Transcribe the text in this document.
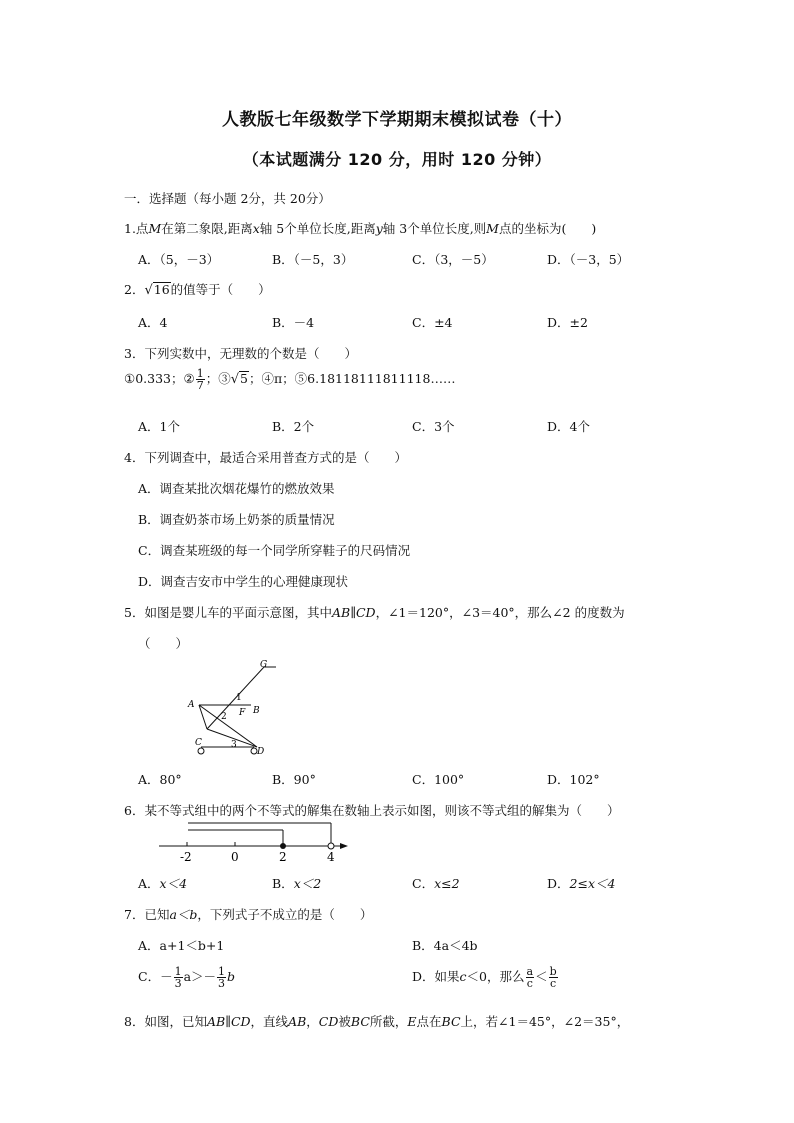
人教版七年级数学下学期期末模拟试卷（十）
（本试题满分 120 分，用时 120 分钟）
一．选择题（每小题 2分，共 20分）
1.点M在第二象限,距离x轴 5个单位长度,距离y轴 3个单位长度,则M点的坐标为(　　)
A．（5，－3）	B．（－5，3）	C．（3，－5）	D．（－3，5）
2．√16的值等于（　　）
A．4	B．－4	C．±4	D．±2
3．下列实数中，无理数的个数是（　　）
①0.333；② $\frac{1}{7}$ ；③√5；④π；⑤6.18118111811118……
A．1个	B．2个	C．3个	D．4个
4．下列调查中，最适合采用普查方式的是（　　）
A．调查某批次烟花爆竹的燃放效果
B．调查奶茶市场上奶茶的质量情况
C．调查某班级的每一个同学所穿鞋子的尺码情况
D．调查吉安市中学生的心理健康现状
5．如图是婴儿车的平面示意图，其中AB∥CD，∠1＝120°，∠3＝40°，那么∠2 的度数为
（　　）
G
A
B
F
C
D
1
2
3
A．80°	B．90°	C．100°	D．102°
6．某不等式组中的两个不等式的解集在数轴上表示如图，则该不等式组的解集为（　　）
-2	0	2	4
A．x＜4	B．x＜2	C．x≤2	D．2≤x＜4
7．已知a＜b，下列式子不成立的是（　　）
A．a+1＜b+1	B．4a＜4b
C．－ $\frac{1}{3} a>- \frac{1}{3}$ b	D．如果c＜0，那么 $\frac{a}{c} < \frac{b}{c}$
8．如图，已知AB∥CD，直线AB，CD被BC所截，E点在BC上，若∠1＝45°，∠2＝35°，
